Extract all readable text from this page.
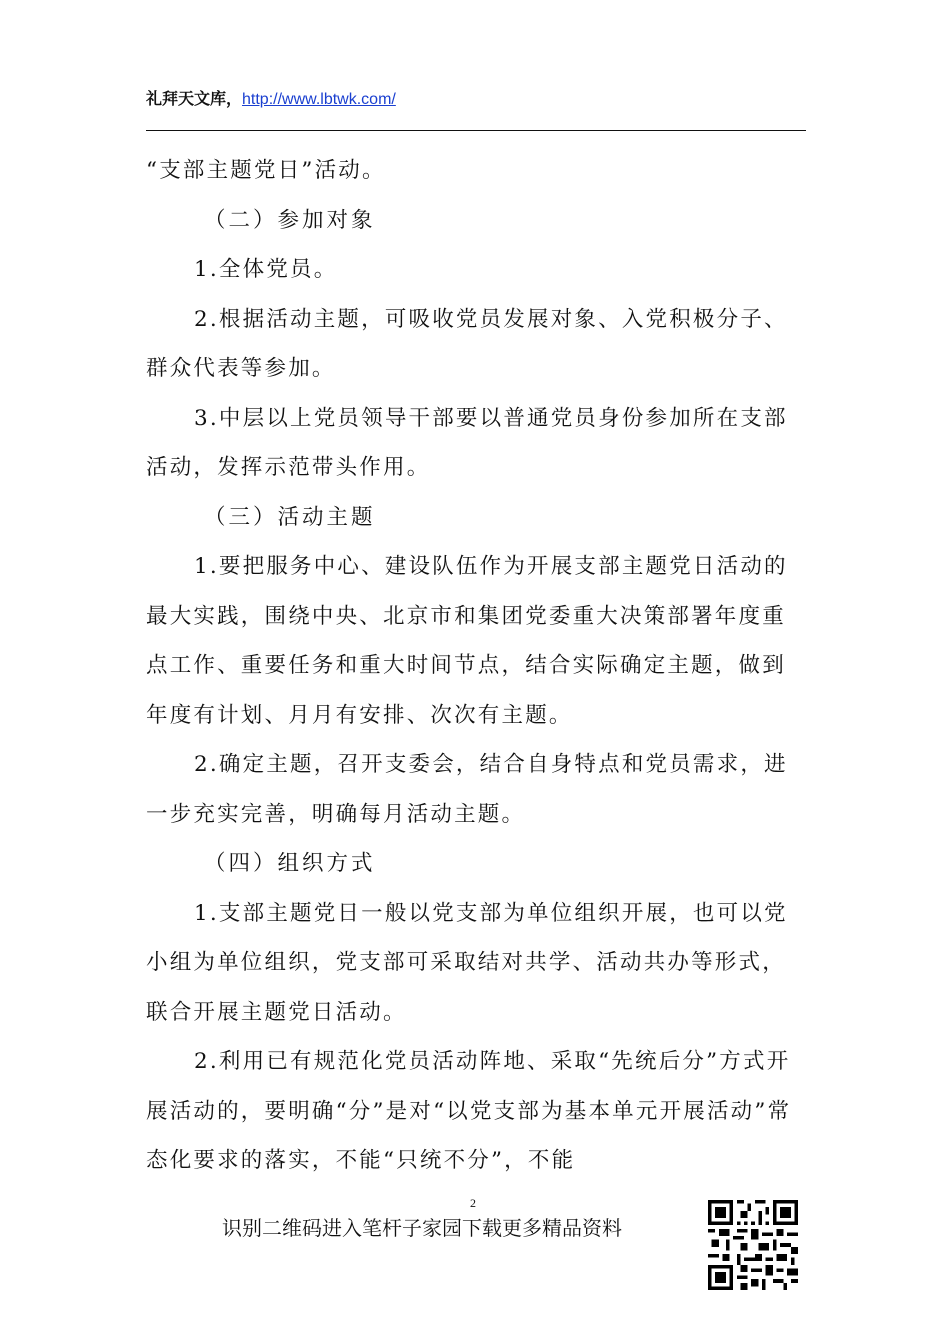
礼拜天文库，http://www.lbtwk.com/

“支部主题党日”活动。

（二）参加对象

1.全体党员。

2.根据活动主题，可吸收党员发展对象、入党积极分子、群众代表等参加。

3.中层以上党员领导干部要以普通党员身份参加所在支部活动，发挥示范带头作用。

（三）活动主题

1.要把服务中心、建设队伍作为开展支部主题党日活动的最大实践，围绕中央、北京市和集团党委重大决策部署年度重点工作、重要任务和重大时间节点，结合实际确定主题，做到年度有计划、月月有安排、次次有主题。

2.确定主题，召开支委会，结合自身特点和党员需求，进一步充实完善，明确每月活动主题。

（四）组织方式

1.支部主题党日一般以党支部为单位组织开展，也可以党小组为单位组织，党支部可采取结对共学、活动共办等形式，联合开展主题党日活动。

2.利用已有规范化党员活动阵地、采取“先统后分”方式开展活动的，要明确“分”是对“以党支部为基本单元开展活动”常态化要求的落实，不能“只统不分”，不能

2
识别二维码进入笔杆子家园下载更多精品资料
